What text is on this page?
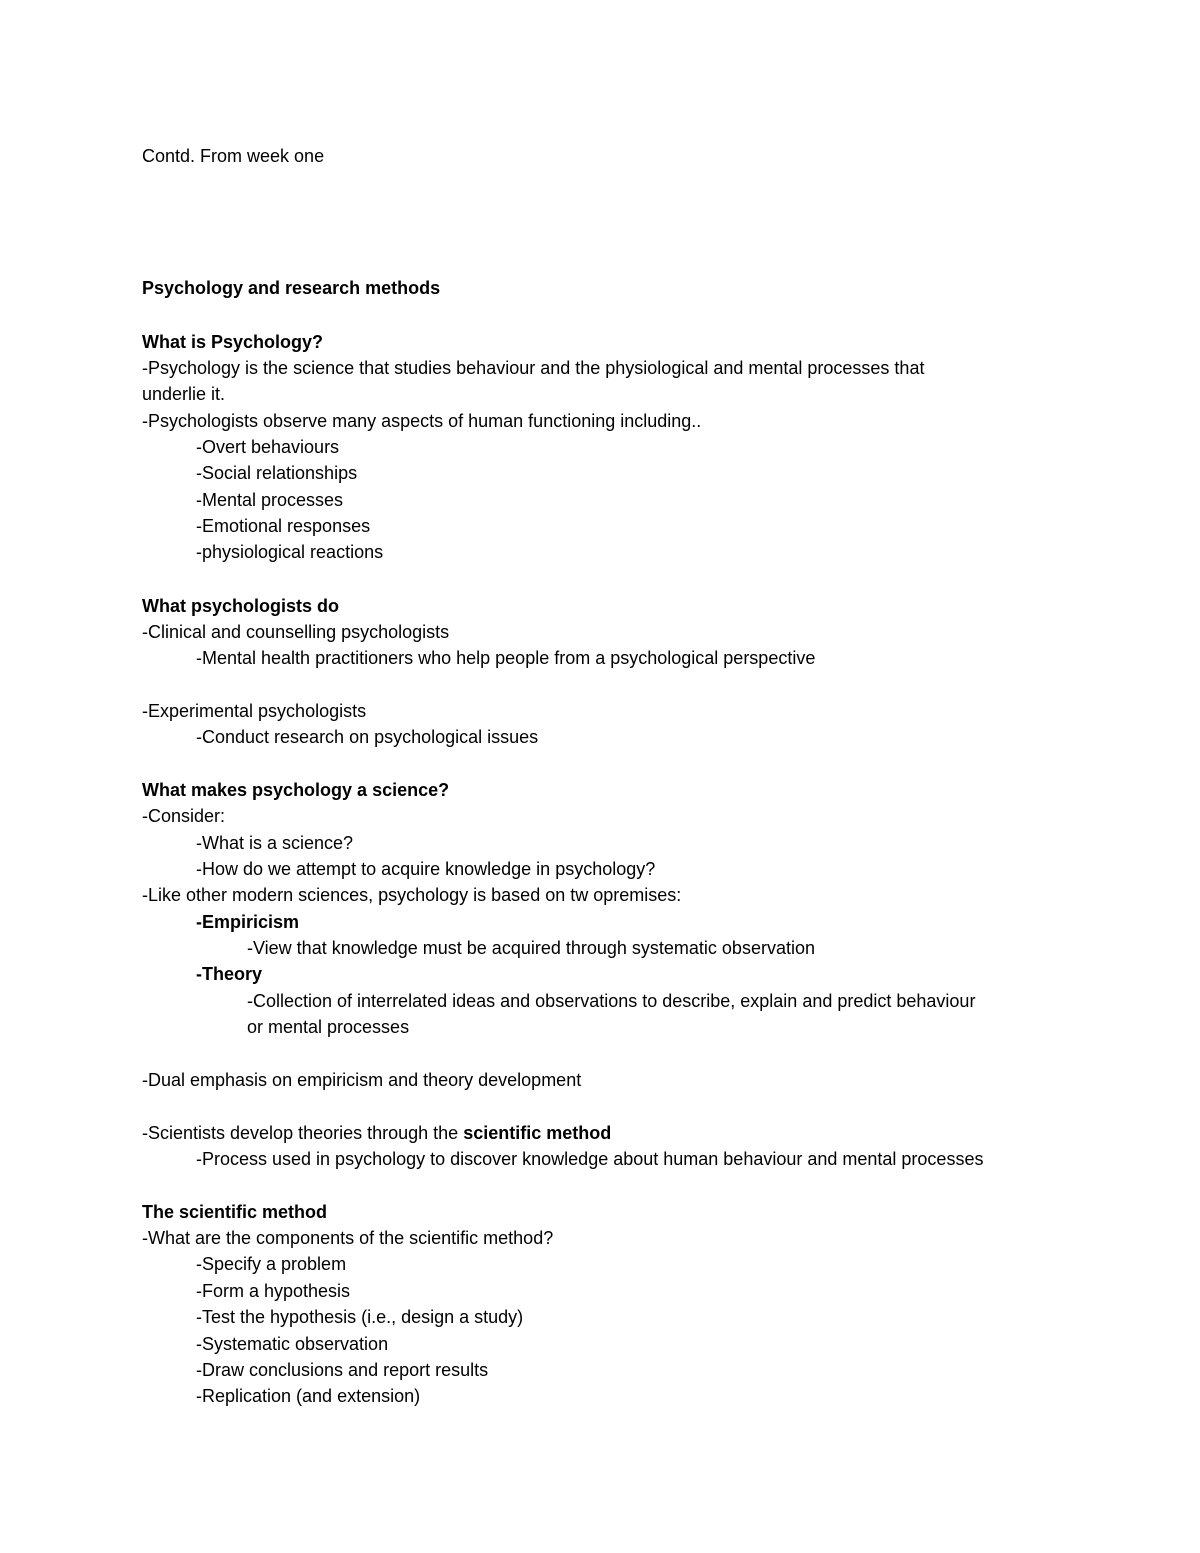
Contd. From week one
Psychology and research methods
What is Psychology?
-Psychology is the science that studies behaviour and the physiological and mental processes that
underlie it.
-Psychologists observe many aspects of human functioning including..
-Overt behaviours
-Social relationships
-Mental processes
-Emotional responses
-physiological reactions
What psychologists do
-Clinical and counselling psychologists
-Mental health practitioners who help people from a psychological perspective
-Experimental psychologists
-Conduct research on psychological issues
What makes psychology a science?
-Consider:
-What is a science?
-How do we attempt to acquire knowledge in psychology?
-Like other modern sciences, psychology is based on tw opremises:
-Empiricism
-View that knowledge must be acquired through systematic observation
-Theory
-Collection of interrelated ideas and observations to describe, explain and predict behaviour
or mental processes
-Dual emphasis on empiricism and theory development
-Scientists develop theories through the scientific method
-Process used in psychology to discover knowledge about human behaviour and mental processes
The scientific method
-What are the components of the scientific method?
-Specify a problem
-Form a hypothesis
-Test the hypothesis (i.e., design a study)
-Systematic observation
-Draw conclusions and report results
-Replication (and extension)
